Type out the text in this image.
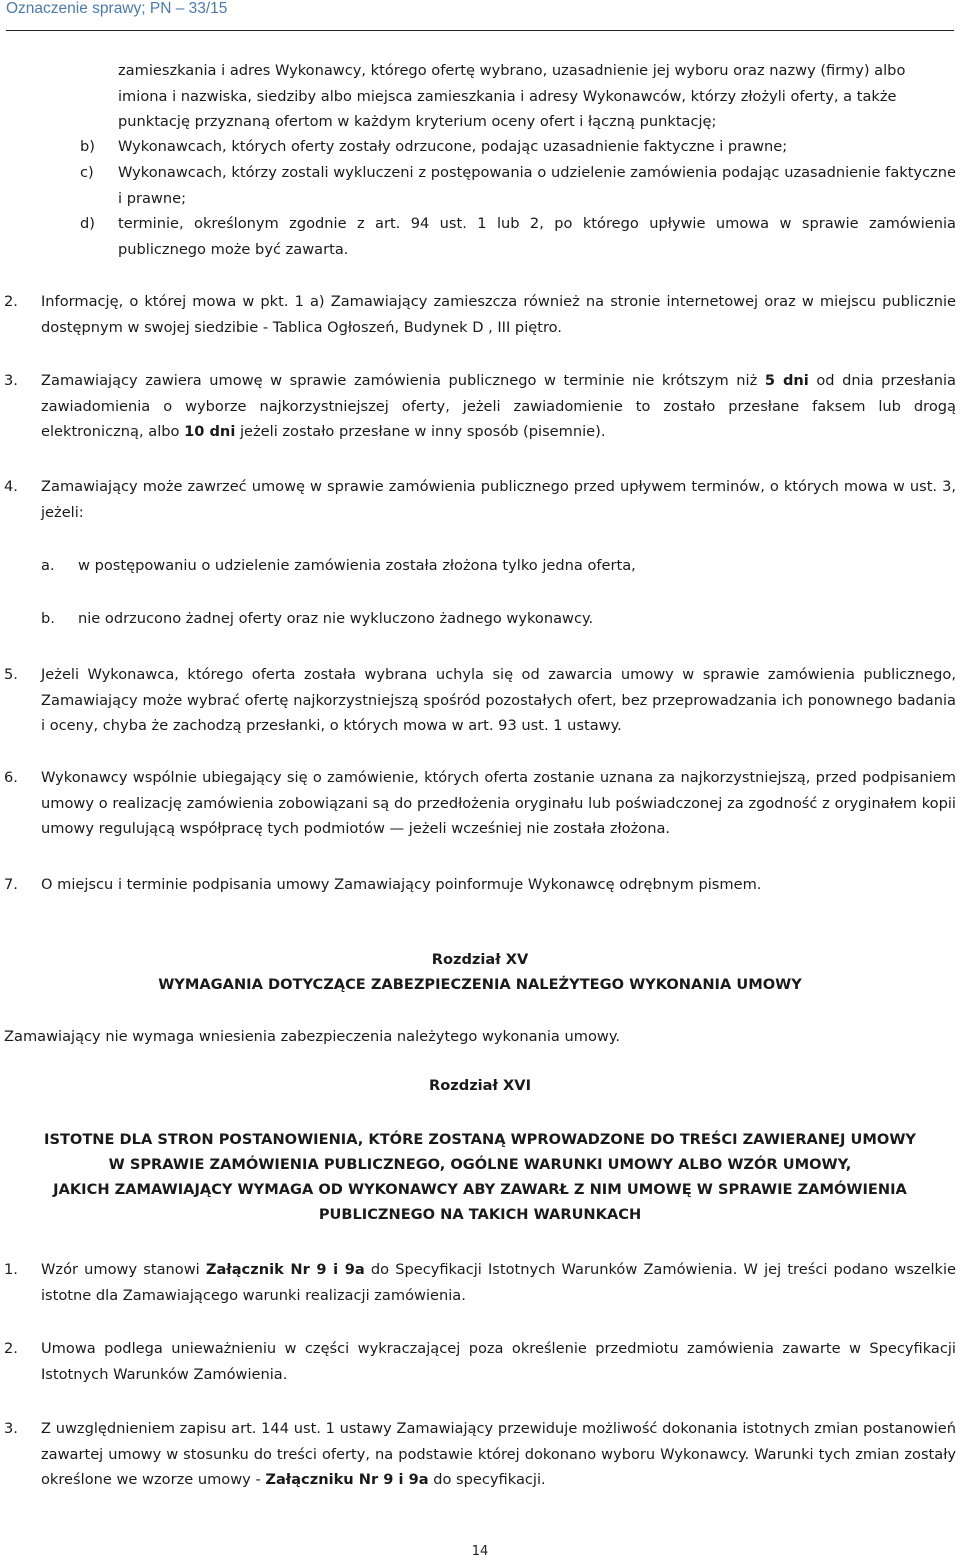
Oznaczenie sprawy; PN – 33/15
zamieszkania i adres Wykonawcy, którego ofertę wybrano, uzasadnienie jej wyboru oraz nazwy (firmy) albo
imiona i nazwiska, siedziby albo miejsca zamieszkania i adresy Wykonawców, którzy złożyli oferty, a także
punktację przyznaną ofertom w każdym kryterium oceny ofert i łączną punktację;
b) Wykonawcach, których oferty zostały odrzucone, podając uzasadnienie faktyczne i prawne;
c) Wykonawcach, którzy zostali wykluczeni z postępowania o udzielenie zamówienia podając uzasadnienie faktyczne i prawne;
d) terminie, określonym zgodnie z art. 94 ust. 1 lub 2, po którego upływie umowa w sprawie zamówienia publicznego może być zawarta.
2. Informację, o której mowa w pkt. 1 a) Zamawiający zamieszcza również na stronie internetowej oraz w miejscu publicznie dostępnym w swojej siedzibie - Tablica Ogłoszeń, Budynek D , III piętro.
3. Zamawiający zawiera umowę w sprawie zamówienia publicznego w terminie nie krótszym niż 5 dni od dnia przesłania zawiadomienia o wyborze najkorzystniejszej oferty, jeżeli zawiadomienie to zostało przesłane faksem lub drogą elektroniczną, albo 10 dni jeżeli zostało przesłane w inny sposób (pisemnie).
4. Zamawiający może zawrzeć umowę w sprawie zamówienia publicznego przed upływem terminów, o których mowa w ust. 3, jeżeli:
a. w postępowaniu o udzielenie zamówienia została złożona tylko jedna oferta,
b. nie odrzucono żadnej oferty oraz nie wykluczono żadnego wykonawcy.
5. Jeżeli Wykonawca, którego oferta została wybrana uchyla się od zawarcia umowy w sprawie zamówienia publicznego, Zamawiający może wybrać ofertę najkorzystniejszą spośród pozostałych ofert, bez przeprowadzania ich ponownego badania i oceny, chyba że zachodzą przesłanki, o których mowa w art. 93 ust. 1 ustawy.
6. Wykonawcy wspólnie ubiegający się o zamówienie, których oferta zostanie uznana za najkorzystniejszą, przed podpisaniem umowy o realizację zamówienia zobowiązani są do przedłożenia oryginału lub poświadczonej za zgodność z oryginałem kopii umowy regulującą współpracę tych podmiotów — jeżeli wcześniej nie została złożona.
7. O miejscu i terminie podpisania umowy Zamawiający poinformuje Wykonawcę odrębnym pismem.
Rozdział XV
WYMAGANIA DOTYCZĄCE ZABEZPIECZENIA NALEŻYTEGO WYKONANIA UMOWY
Zamawiający nie wymaga wniesienia zabezpieczenia należytego wykonania umowy.
Rozdział XVI
ISTOTNE DLA STRON POSTANOWIENIA, KTÓRE ZOSTANĄ WPROWADZONE DO TREŚCI ZAWIERANEJ UMOWY
W SPRAWIE ZAMÓWIENIA PUBLICZNEGO, OGÓLNE WARUNKI UMOWY ALBO WZÓR UMOWY,
JAKICH ZAMAWIAJĄCY WYMAGA OD WYKONAWCY ABY ZAWARŁ Z NIM UMOWĘ W SPRAWIE ZAMÓWIENIA
PUBLICZNEGO NA TAKICH WARUNKACH
1. Wzór umowy stanowi Załącznik Nr 9 i 9a do Specyfikacji Istotnych Warunków Zamówienia. W jej treści podano wszelkie istotne dla Zamawiającego warunki realizacji zamówienia.
2. Umowa podlega unieważnieniu w części wykraczającej poza określenie przedmiotu zamówienia zawarte w Specyfikacji Istotnych Warunków Zamówienia.
3. Z uwzględnieniem zapisu art. 144 ust. 1 ustawy Zamawiający przewiduje możliwość dokonania istotnych zmian postanowień zawartej umowy w stosunku do treści oferty, na podstawie której dokonano wyboru Wykonawcy. Warunki tych zmian zostały określone we wzorze umowy - Załączniku Nr 9 i 9a do specyfikacji.
14
